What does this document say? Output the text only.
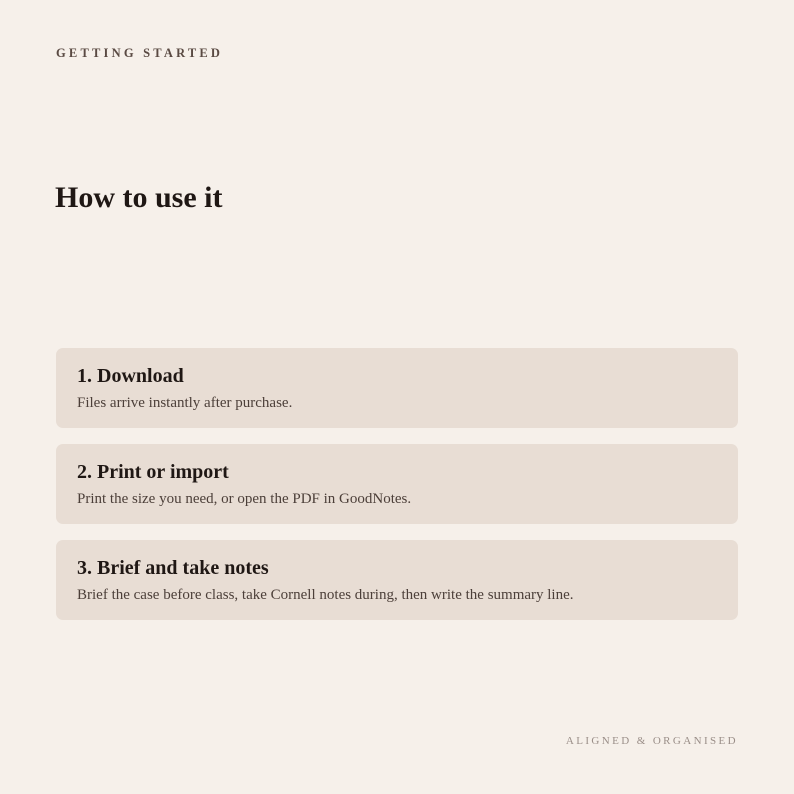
GETTING STARTED
How to use it
1. Download
Files arrive instantly after purchase.
2. Print or import
Print the size you need, or open the PDF in GoodNotes.
3. Brief and take notes
Brief the case before class, take Cornell notes during, then write the summary line.
ALIGNED & ORGANISED
